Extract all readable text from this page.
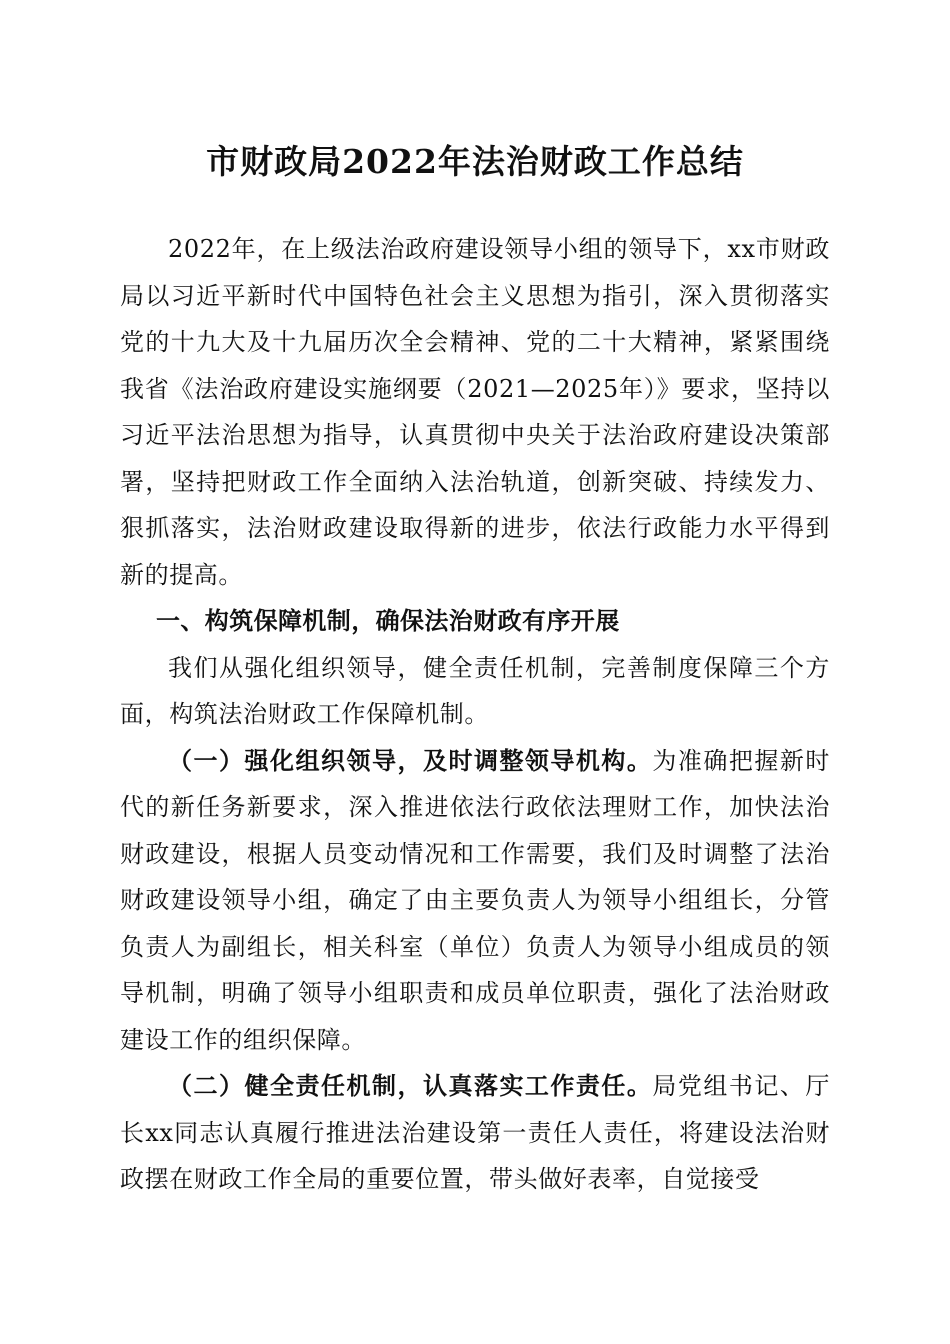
市财政局2022年法治财政工作总结

2022年，在上级法治政府建设领导小组的领导下，xx市财政局以习近平新时代中国特色社会主义思想为指引，深入贯彻落实党的十九大及十九届历次全会精神、党的二十大精神，紧紧围绕我省《法治政府建设实施纲要（2021—2025年）》要求，坚持以习近平法治思想为指导，认真贯彻中央关于法治政府建设决策部署，坚持把财政工作全面纳入法治轨道，创新突破、持续发力、狠抓落实，法治财政建设取得新的进步，依法行政能力水平得到新的提高。

一、构筑保障机制，确保法治财政有序开展

我们从强化组织领导，健全责任机制，完善制度保障三个方面，构筑法治财政工作保障机制。

（一）强化组织领导，及时调整领导机构。为准确把握新时代的新任务新要求，深入推进依法行政依法理财工作，加快法治财政建设，根据人员变动情况和工作需要，我们及时调整了法治财政建设领导小组，确定了由主要负责人为领导小组组长，分管负责人为副组长，相关科室（单位）负责人为领导小组成员的领导机制，明确了领导小组职责和成员单位职责，强化了法治财政建设工作的组织保障。

（二）健全责任机制，认真落实工作责任。局党组书记、厅长xx同志认真履行推进法治建设第一责任人责任，将建设法治财政摆在财政工作全局的重要位置，带头做好表率，自觉接受
